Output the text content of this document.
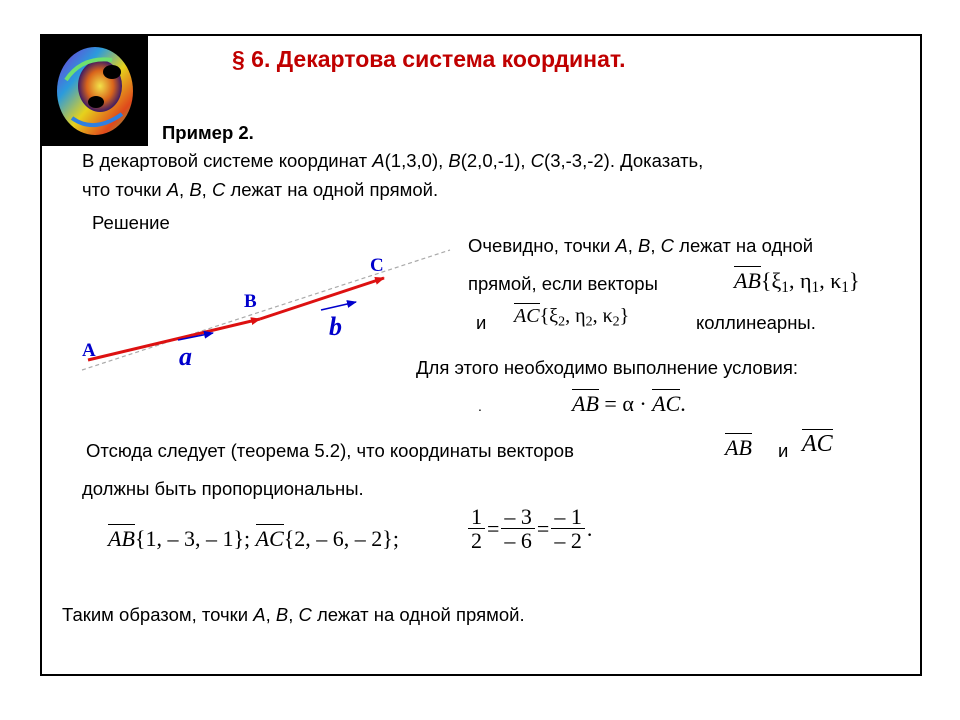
§ 6. Декартова система координат.
Пример 2.
В декартовой системе координат A(1,3,0), B(2,0,-1), C(3,-3,-2). Доказать,
что точки A, B, C лежат на одной прямой.
Решение
A
B
C
a
b
Очевидно, точки A, B, C лежат на одной
прямой, если векторы	$AB\{\xi_1$, $\eta_1$, $\kappa_1$}
и $AC\{\xi_2$, $\eta_2$, $\kappa_2$}	коллинеарны.
Для этого необходимо выполнение условия:
.	AB = α · AC.
Отсюда следует (теорема 5.2), что координаты векторов	AB и AC
должны быть пропорциональны.
AB{1, – 3, – 1}; AC{2, – 6, – 2};	$\frac{1}{2} = \frac{- 3}{- 6} = \frac{- 1}{- 2}$ .
Таким образом, точки A, B, C лежат на одной прямой.
